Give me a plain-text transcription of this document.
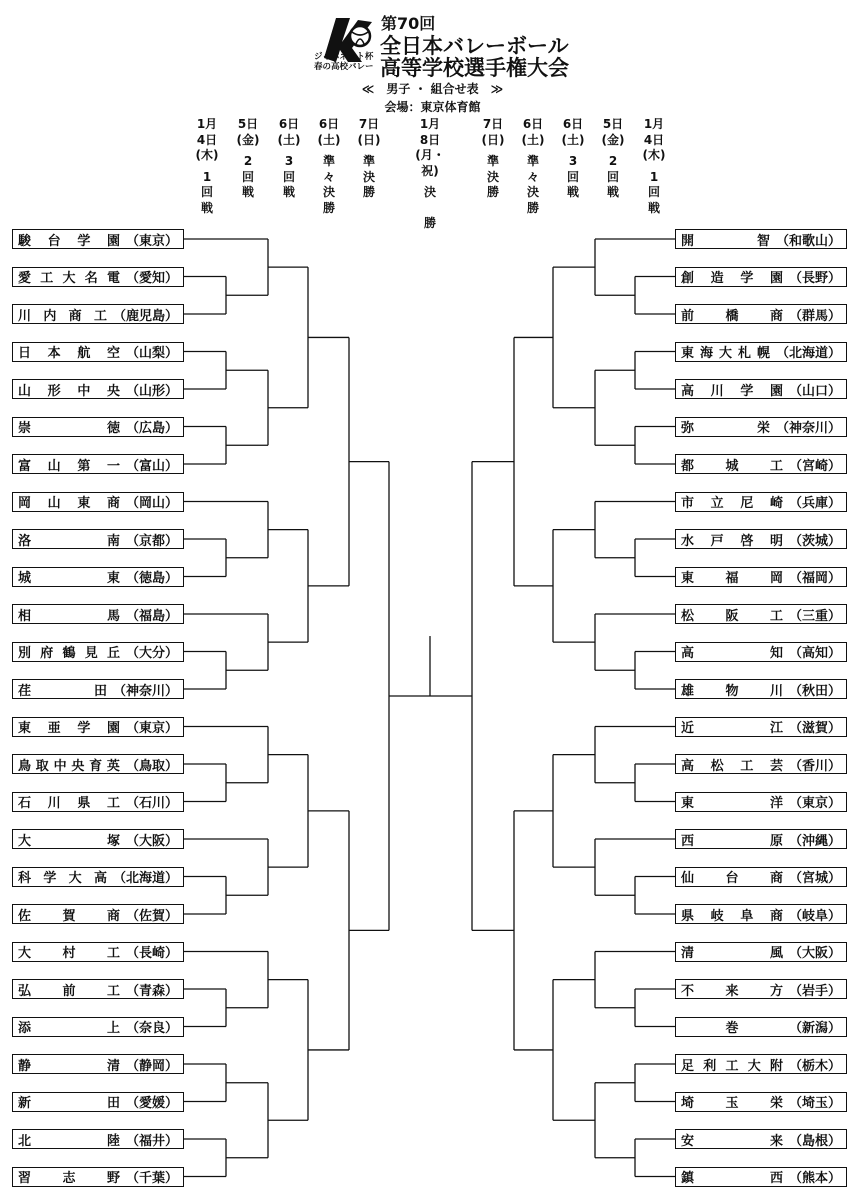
ジャパネット杯
春の高校バレー
第70回
全日本バレーボール
高等学校選手権大会
≪　男子 ・ 組合せ表　≫
会場：東京体育館
1月
4日
(木)
1
回
戦
5日
(金)
2
回
戦
6日
(土)
3
回
戦
6日
(土)
準
々
決
勝
7日
(日)
準
決
勝
1月
8日
(月・祝)
決

勝
7日
(日)
準
決
勝
6日
(土)
準
々
決
勝
6日
(土)
3
回
戦
5日
(金)
2
回
戦
1月
4日
(木)
1
回
戦
駿 台 学 園 （東京）
愛 工 大 名 電 （愛知）
川 内 商 工 （鹿児島）
日 本 航 空 （山梨）
山 形 中 央 （山形）
崇	徳 （広島）
富 山 第 一 （富山）
岡 山 東 商 （岡山）
洛	南 （京都）
城	東 （徳島）
相	馬 （福島）
別 府 鶴 見 丘 （大分）
荏	田 （神奈川）
東 亜 学 園 （東京）
鳥 取 中 央 育 英 （鳥取）
石 川 県 工 （石川）
大	塚 （大阪）
科 学 大 高 （北海道）
佐 賀 商 （佐賀）
大 村 工 （長崎）
弘 前 工 （青森）
添	上 （奈良）
静	清 （静岡）
新	田 （愛媛）
北	陸 （福井）
習 志 野 （千葉）
開	智 （和歌山）
創 造 学 園 （長野）
前 橋 商 （群馬）
東 海 大 札 幌 （北海道）
高 川 学 園 （山口）
弥	栄 （神奈川）
都 城 工 （宮崎）
市 立 尼 崎 （兵庫）
水 戸 啓 明 （茨城）
東 福 岡 （福岡）
松 阪 工 （三重）
高	知 （高知）
雄 物 川 （秋田）
近	江 （滋賀）
高 松 工 芸 （香川）
東	洋 （東京）
西	原 （沖縄）
仙 台 商 （宮城）
県 岐 阜 商 （岐阜）
清	風 （大阪）
不 来 方 （岩手）
巻	（新潟）
足 利 工 大 附 （栃木）
埼 玉 栄 （埼玉）
安	来 （島根）
鎮	西 （熊本）
